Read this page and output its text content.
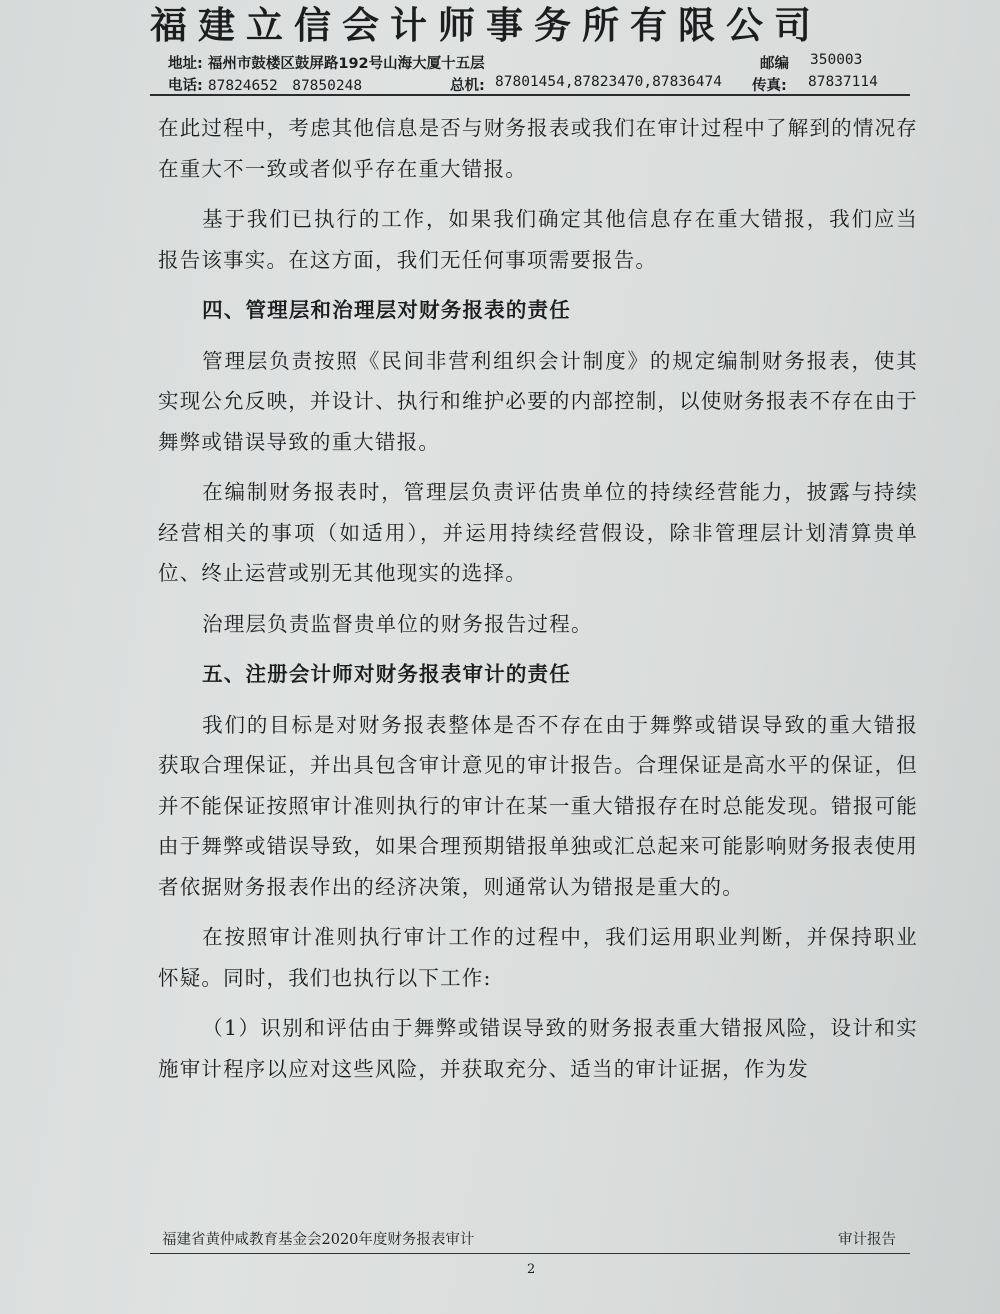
福建立信会计师事务所有限公司
地址: 福州市鼓楼区鼓屏路192号山海大厦十五层	邮编 350003
电话: 87824652　87850248	总机: 87801454,87823470,87836474 传真: 87837114

在此过程中，考虑其他信息是否与财务报表或我们在审计过程中了解到的情况存在重大不一致或者似乎存在重大错报。

基于我们已执行的工作，如果我们确定其他信息存在重大错报，我们应当报告该事实。在这方面，我们无任何事项需要报告。

四、管理层和治理层对财务报表的责任

管理层负责按照《民间非营利组织会计制度》的规定编制财务报表，使其实现公允反映，并设计、执行和维护必要的内部控制，以使财务报表不存在由于舞弊或错误导致的重大错报。

在编制财务报表时，管理层负责评估贵单位的持续经营能力，披露与持续经营相关的事项（如适用），并运用持续经营假设，除非管理层计划清算贵单位、终止运营或别无其他现实的选择。

治理层负责监督贵单位的财务报告过程。

五、注册会计师对财务报表审计的责任

我们的目标是对财务报表整体是否不存在由于舞弊或错误导致的重大错报获取合理保证，并出具包含审计意见的审计报告。合理保证是高水平的保证，但并不能保证按照审计准则执行的审计在某一重大错报存在时总能发现。错报可能由于舞弊或错误导致，如果合理预期错报单独或汇总起来可能影响财务报表使用者依据财务报表作出的经济决策，则通常认为错报是重大的。

在按照审计准则执行审计工作的过程中，我们运用职业判断，并保持职业怀疑。同时，我们也执行以下工作:

（1）识别和评估由于舞弊或错误导致的财务报表重大错报风险，设计和实施审计程序以应对这些风险，并获取充分、适当的审计证据，作为发

福建省黄仲咸教育基金会2020年度财务报表审计	审计报告
2
